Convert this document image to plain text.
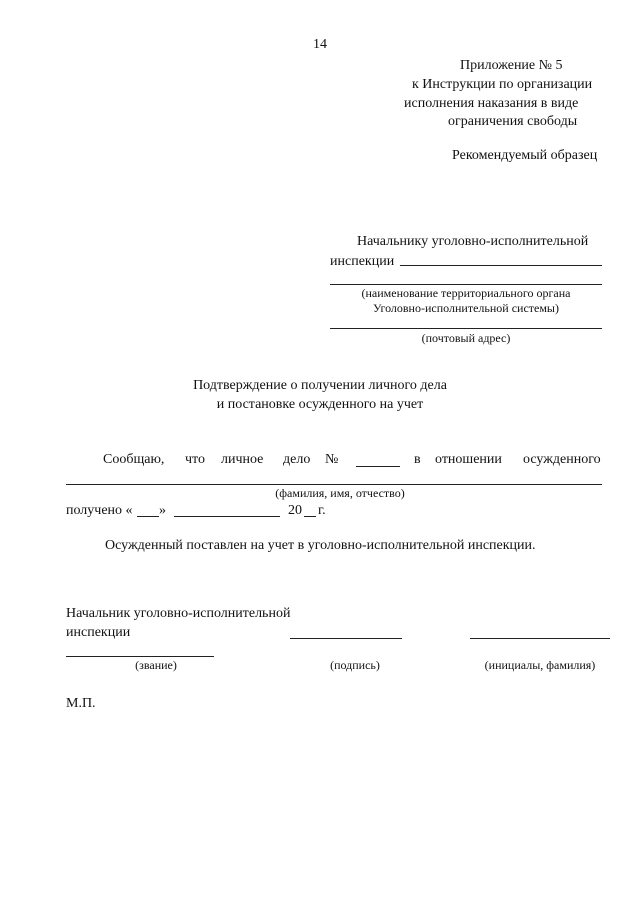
14
Приложение № 5
к Инструкции по организации
исполнения наказания в виде
ограничения свободы
Рекомендуемый образец
Начальнику уголовно-исполнительной
инспекции
(наименование территориального органа
Уголовно-исполнительной системы)
(почтовый адрес)
Подтверждение о получении личного дела
и постановке осужденного на учет
Сообщаю, что личное дело №	в отношении осужденного
(фамилия, имя, отчество)
получено « »	20 г.
Осужденный поставлен на учет в уголовно-исполнительной инспекции.
Начальник уголовно-исполнительной
инспекции
(звание)	(подпись)	(инициалы, фамилия)
М.П.
